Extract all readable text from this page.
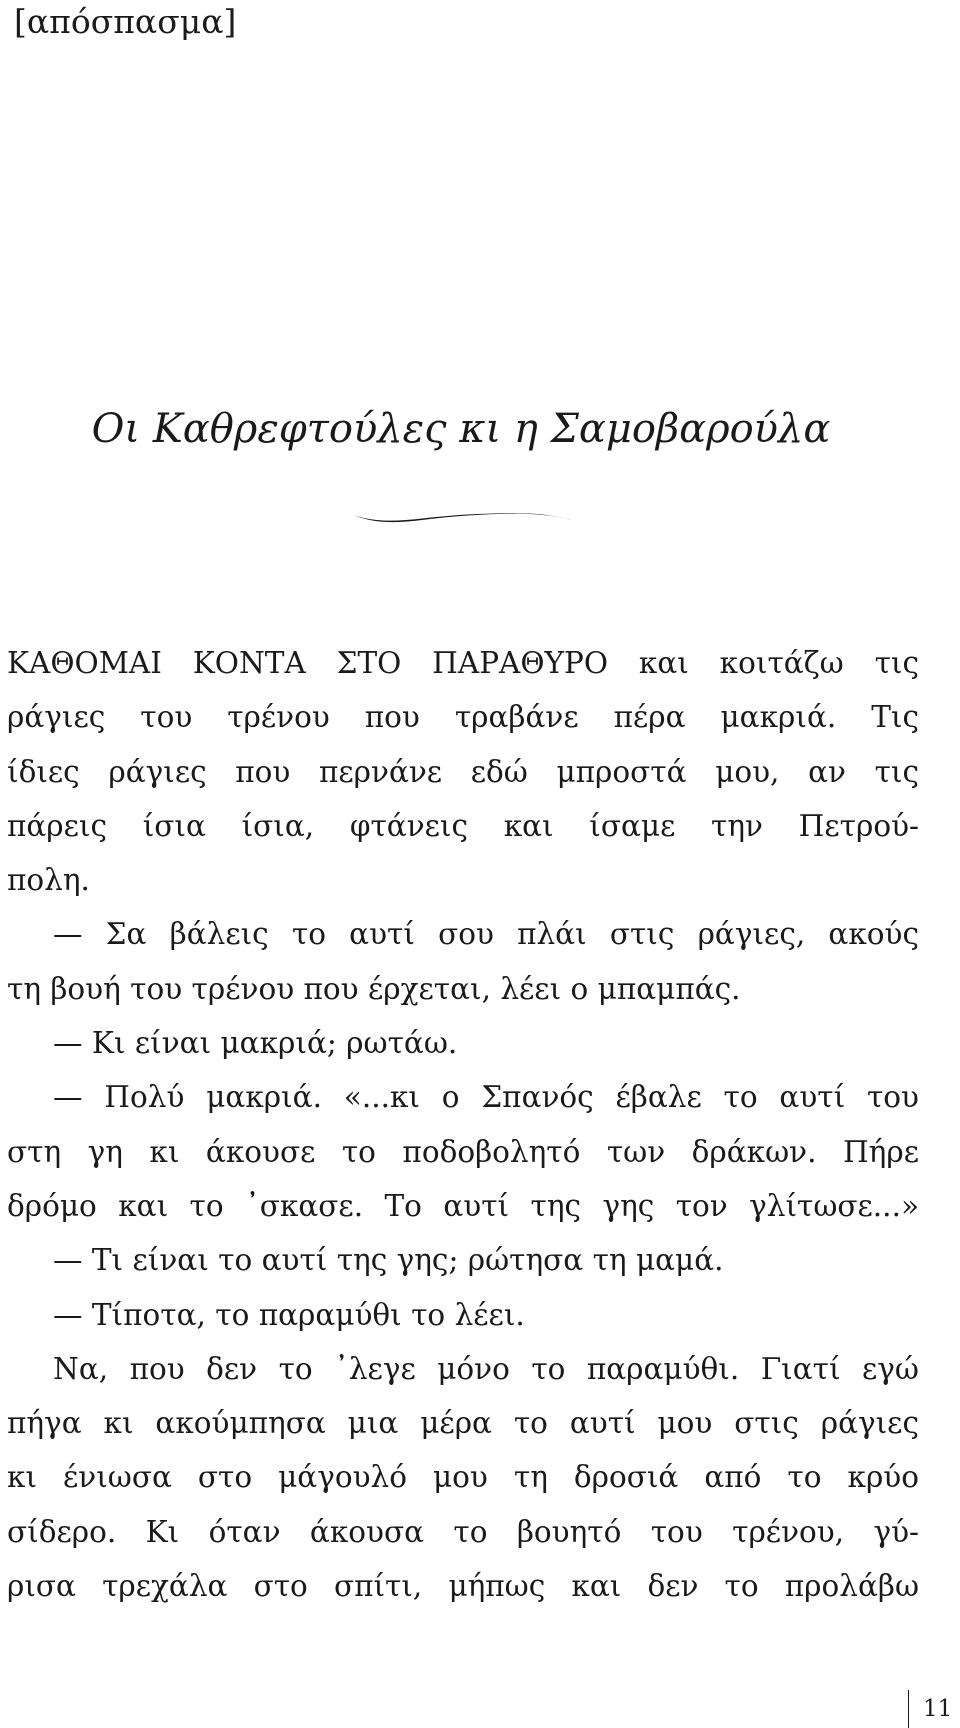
[απόσπασμα]
Οι Καθρεφτούλες κι η Σαμοβαρούλα
ΚΑΘΟΜΑΙ ΚΟΝΤΑ ΣΤΟ ΠΑΡΑΘΥΡΟ και κοιτάζω τις
ράγιες του τρένου που τραβάνε πέρα μακριά. Τις
ίδιες ράγιες που περνάνε εδώ μπροστά μου, αν τις
πάρεις ίσια ίσια, φτάνεις και ίσαμε την Πετρού-
πολη.
— Σα βάλεις το αυτί σου πλάι στις ράγιες, ακούς
τη βουή του τρένου που έρχεται, λέει ο μπαμπάς.
— Κι είναι μακριά; ρωτάω.
— Πολύ μακριά. «...κι ο Σπανός έβαλε το αυτί του
στη γη κι άκουσε το ποδοβολητό των δράκων. Πήρε
δρόμο και το ᾽σκασε. Το αυτί της γης τον γλίτωσε...»
— Τι είναι το αυτί της γης; ρώτησα τη μαμά.
— Τίποτα, το παραμύθι το λέει.
Να, που δεν το ᾽λεγε μόνο το παραμύθι. Γιατί εγώ
πήγα κι ακούμπησα μια μέρα το αυτί μου στις ράγιες
κι ένιωσα στο μάγουλό μου τη δροσιά από το κρύο
σίδερο. Κι όταν άκουσα το βουητό του τρένου, γύ-
ρισα τρεχάλα στο σπίτι, μήπως και δεν το προλάβω
11
